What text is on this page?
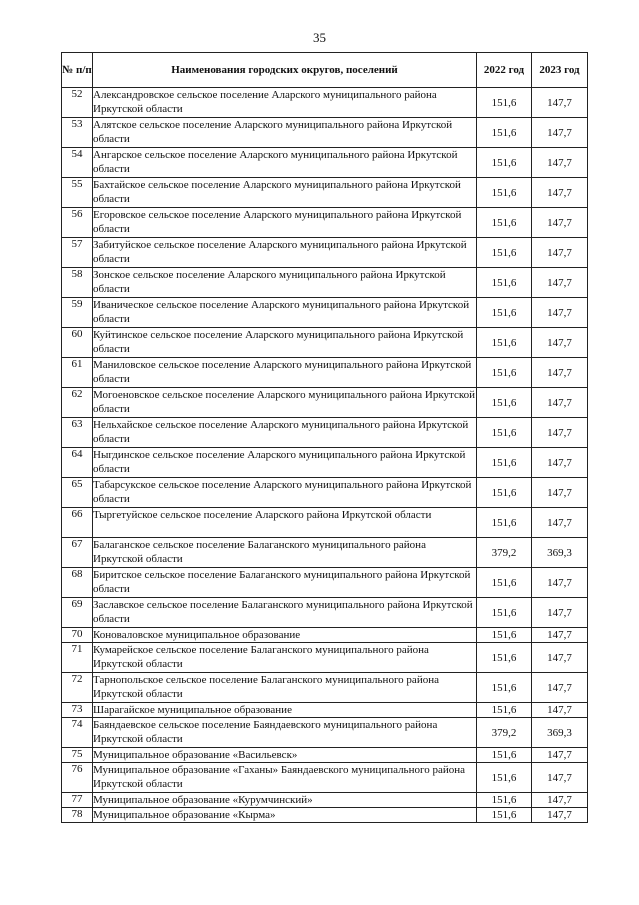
35
№ п/п	Наименования городских округов, поселений	2022 год	2023 год	
52	Александровское сельское поселение Аларского муниципального района Иркутской области	151,6	147,7	
53	Алятское сельское поселение Аларского муниципального района Иркутской области	151,6	147,7	
54	Ангарское сельское поселение Аларского муниципального района Иркутской области	151,6	147,7	
55	Бахтайское сельское поселение Аларского муниципального района Иркутской области	151,6	147,7	
56	Егоровское сельское поселение Аларского муниципального района Иркутской области	151,6	147,7	
57	Забитуйское сельское поселение Аларского муниципального района Иркутской области	151,6	147,7	
58	Зонское сельское поселение Аларского муниципального района Иркутской области	151,6	147,7	
59	Иваническое сельское поселение Аларского муниципального района Иркутской области	151,6	147,7	
60	Куйтинское сельское поселение Аларского муниципального района Иркутской области	151,6	147,7	
61	Маниловское сельское поселение Аларского муниципального района Иркутской области	151,6	147,7	
62	Могоеновское сельское поселение Аларского муниципального района Иркутской области	151,6	147,7	
63	Нельхайское сельское поселение Аларского муниципального района Иркутской области	151,6	147,7	
64	Ныгдинское сельское поселение Аларского муниципального района Иркутской области	151,6	147,7	
65	Табарсукское сельское поселение Аларского муниципального района Иркутской области	151,6	147,7	
66	Тыргетуйское сельское поселение Аларского района Иркутской области	151,6	147,7	
67	Балаганское сельское поселение Балаганского муниципального района Иркутской области	379,2	369,3	
68	Биритское сельское поселение Балаганского муниципального района Иркутской области	151,6	147,7	
69	Заславское сельское поселение Балаганского муниципального района Иркутской области	151,6	147,7	
70	Коноваловское муниципальное образование	151,6	147,7	
71	Кумарейское сельское поселение Балаганского муниципального района Иркутской области	151,6	147,7	
72	Тарнопольское сельское поселение Балаганского муниципального района Иркутской области	151,6	147,7	
73	Шарагайское муниципальное образование	151,6	147,7	
74	Баяндаевское сельское поселение Баяндаевского муниципального района Иркутской области	379,2	369,3	
75	Муниципальное образование «Васильевск»	151,6	147,7	
76	Муниципальное образование «Гаханы» Баяндаевского муниципального района Иркутской области	151,6	147,7	
77	Муниципальное образование «Курумчинский»	151,6	147,7	
78	Муниципальное образование «Кырма»	151,6	147,7	
